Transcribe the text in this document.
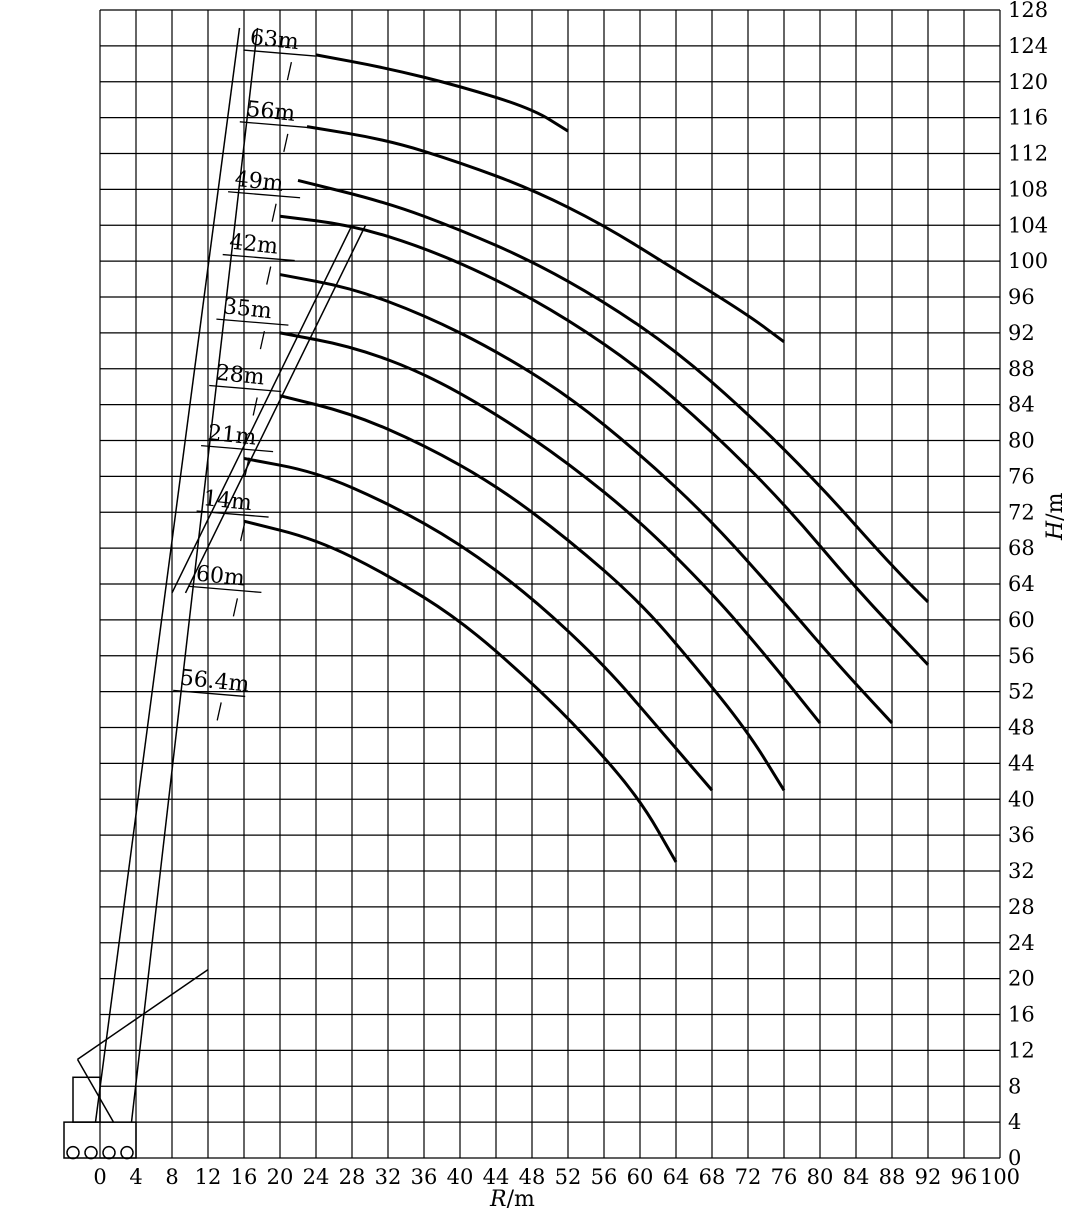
63m
56m
49m
42m
35m
28m
21m
14m
60m
56.4m
0 4 8 12 16 20 24 28 32 36 40 44 48 52 56 60 64 68 72 76 80 84 88 92 96 100
0
4
8
12
16
20
24
28
32
36
40
44
48
52
56
60
64
68
72
76
80
84
88
92
96
100
104
108
112
116
120
124
128
R/m
H/m
